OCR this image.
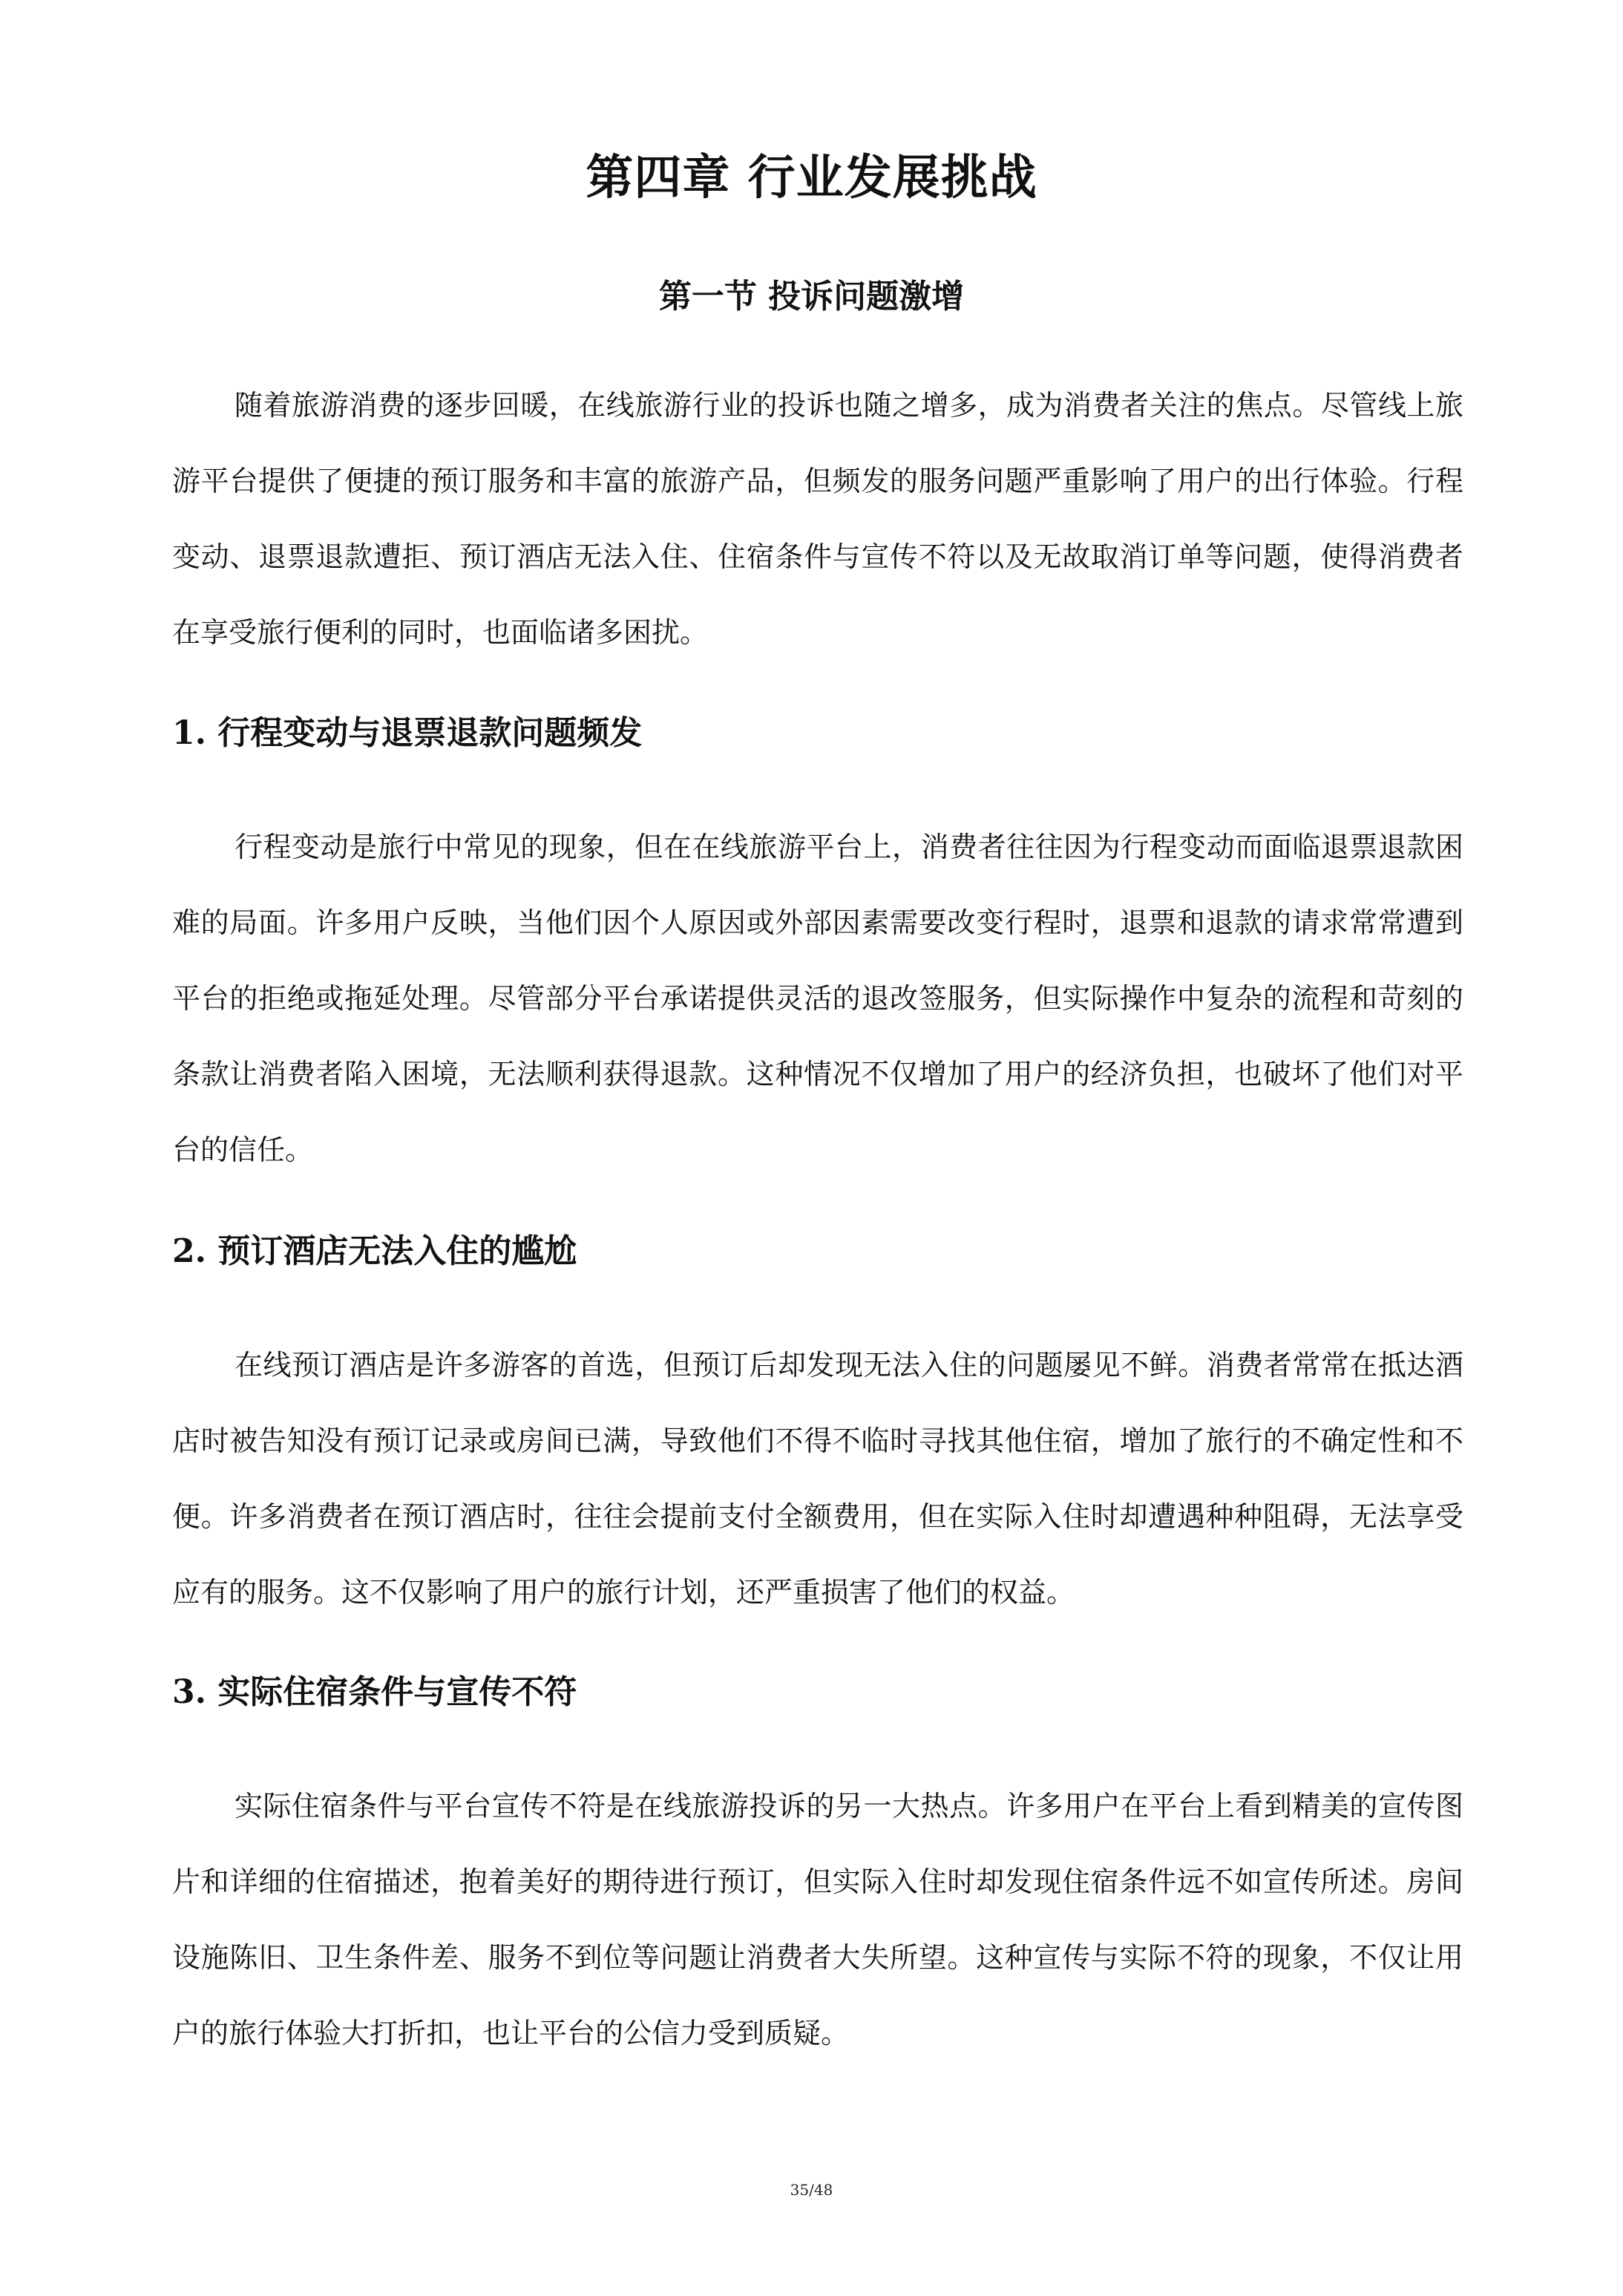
第四章 行业发展挑战
第一节 投诉问题激增

随着旅游消费的逐步回暖，在线旅游行业的投诉也随之增多，成为消费者关注的焦点。尽管线上旅游平台提供了便捷的预订服务和丰富的旅游产品，但频发的服务问题严重影响了用户的出行体验。行程变动、退票退款遭拒、预订酒店无法入住、住宿条件与宣传不符以及无故取消订单等问题，使得消费者在享受旅行便利的同时，也面临诸多困扰。

1. 行程变动与退票退款问题频发

行程变动是旅行中常见的现象，但在在线旅游平台上，消费者往往因为行程变动而面临退票退款困难的局面。许多用户反映，当他们因个人原因或外部因素需要改变行程时，退票和退款的请求常常遭到平台的拒绝或拖延处理。尽管部分平台承诺提供灵活的退改签服务，但实际操作中复杂的流程和苛刻的条款让消费者陷入困境，无法顺利获得退款。这种情况不仅增加了用户的经济负担，也破坏了他们对平台的信任。

2. 预订酒店无法入住的尴尬

在线预订酒店是许多游客的首选，但预订后却发现无法入住的问题屡见不鲜。消费者常常在抵达酒店时被告知没有预订记录或房间已满，导致他们不得不临时寻找其他住宿，增加了旅行的不确定性和不便。许多消费者在预订酒店时，往往会提前支付全额费用，但在实际入住时却遭遇种种阻碍，无法享受应有的服务。这不仅影响了用户的旅行计划，还严重损害了他们的权益。

3. 实际住宿条件与宣传不符

实际住宿条件与平台宣传不符是在线旅游投诉的另一大热点。许多用户在平台上看到精美的宣传图片和详细的住宿描述，抱着美好的期待进行预订，但实际入住时却发现住宿条件远不如宣传所述。房间设施陈旧、卫生条件差、服务不到位等问题让消费者大失所望。这种宣传与实际不符的现象，不仅让用户的旅行体验大打折扣，也让平台的公信力受到质疑。

35/48
